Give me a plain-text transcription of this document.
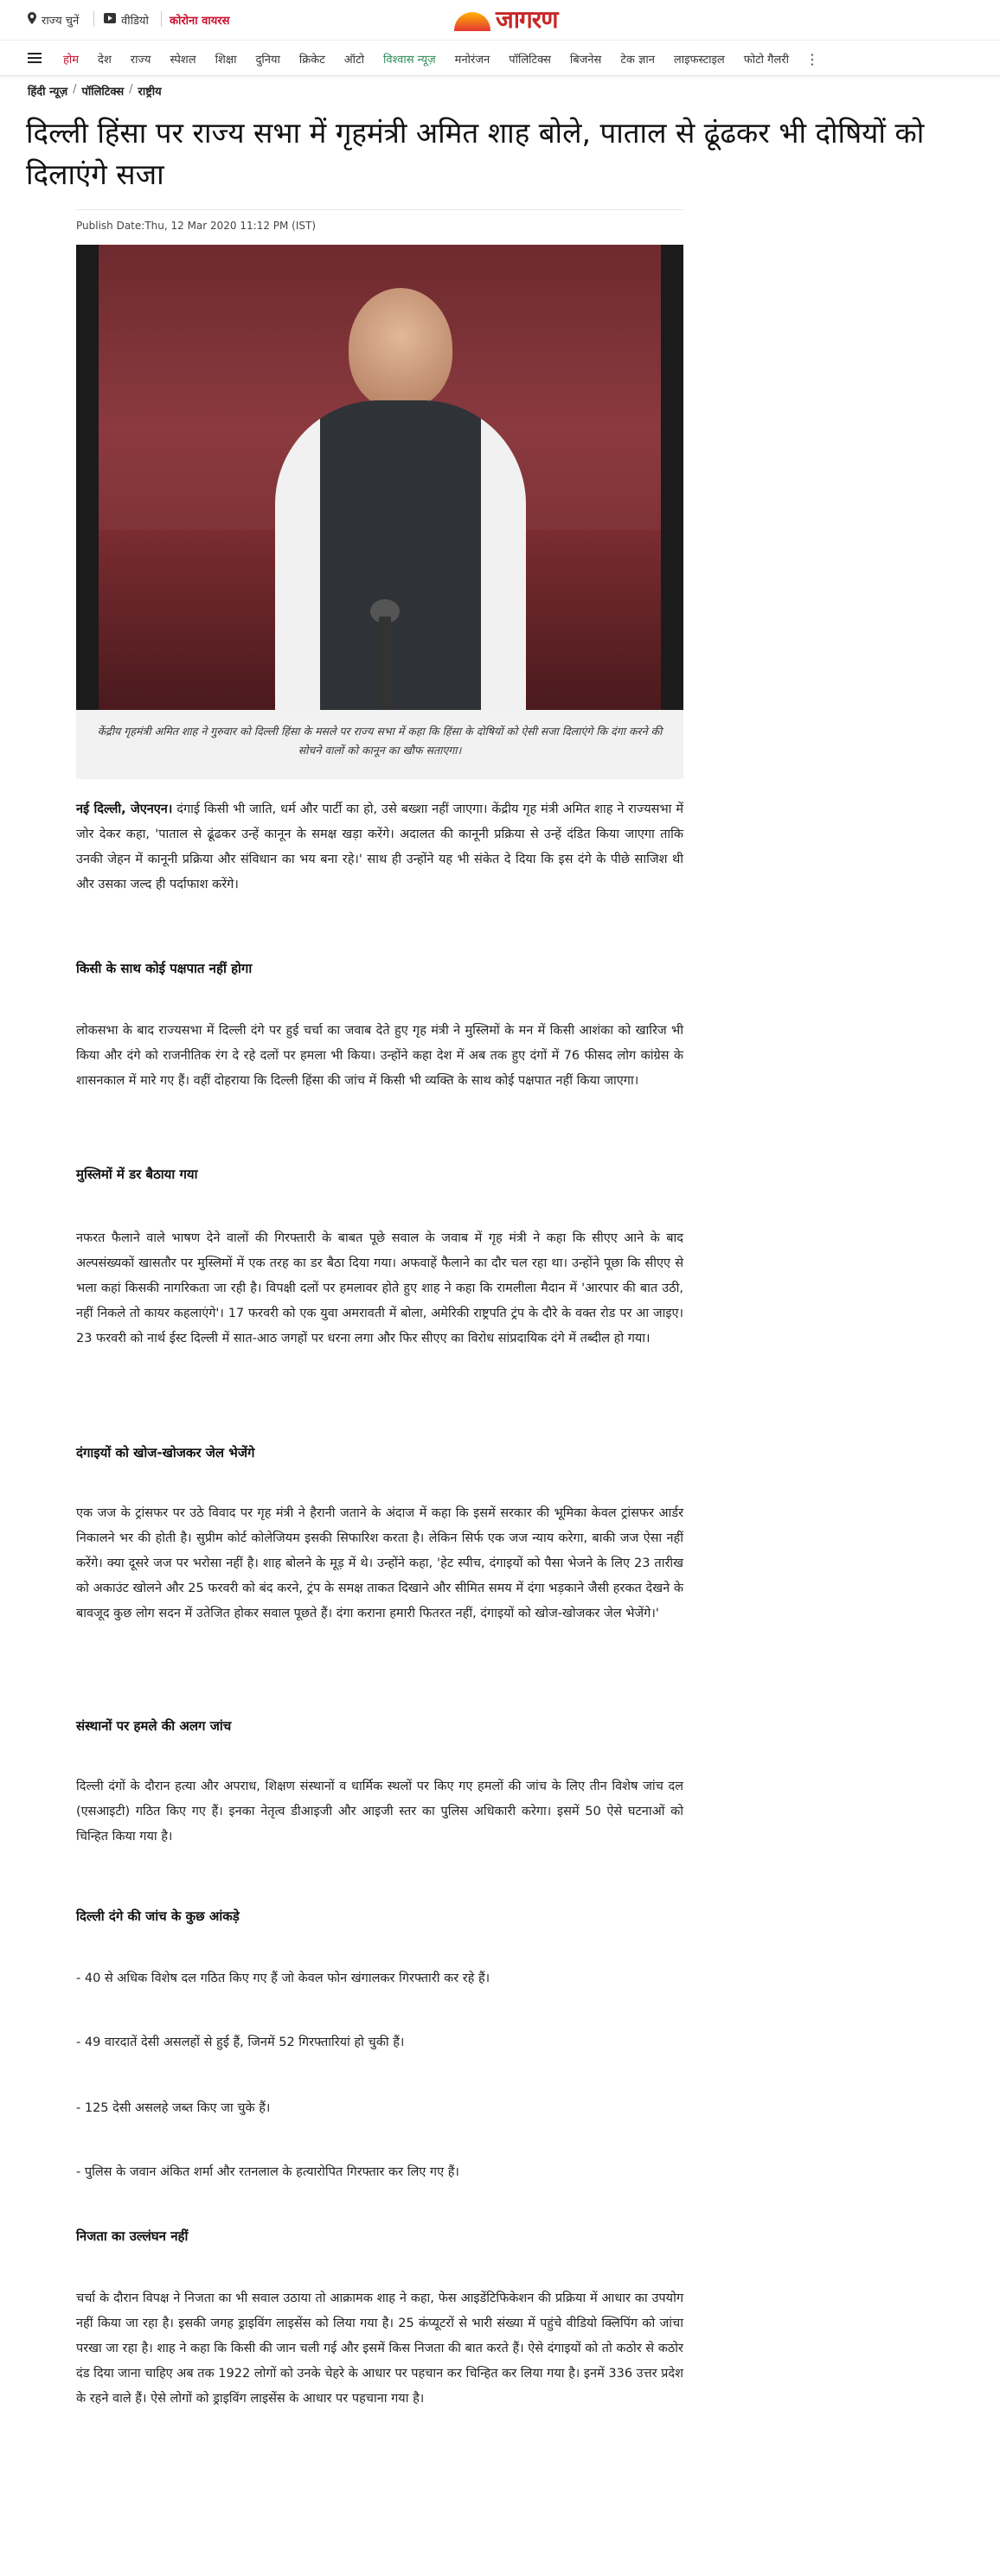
राज्य चुनें	वीडियो कोरोना वायरस	जागरण
होम	देश	राज्य	स्पेशल	शिक्षा	दुनिया	क्रिकेट	ऑटो	विश्वास न्यूज़	मनोरंजन	पॉलिटिक्स	बिजनेस	टेक ज्ञान	लाइफस्टाइल	फोटो गैलरी	⋮
हिंदी न्यूज़ / पॉलिटिक्स / राष्ट्रीय
दिल्ली हिंसा पर राज्य सभा में गृहमंत्री अमित शाह बोले, पाताल से ढूंढकर भी दोषियों को दिलाएंगे सजा
Publish Date:Thu, 12 Mar 2020 11:12 PM (IST)
केंद्रीय गृहमंत्री अमित शाह ने गुरुवार को दिल्ली हिंसा के मसले पर राज्य सभा में कहा कि हिंसा के दोषियों को ऐसी सजा दिलाएंगे कि दंगा करने की सोचने वालों को कानून का खौफ सताएगा।

नई दिल्ली, जेएनएन। दंगाई किसी भी जाति, धर्म और पार्टी का हो, उसे बख्शा नहीं जाएगा। केंद्रीय गृह मंत्री अमित शाह ने राज्यसभा में जोर देकर कहा, 'पाताल से ढूंढकर उन्हें कानून के समक्ष खड़ा करेंगे। अदालत की कानूनी प्रक्रिया से उन्हें दंडित किया जाएगा ताकि उनकी जेहन में कानूनी प्रक्रिया और संविधान का भय बना रहे।' साथ ही उन्होंने यह भी संकेत दे दिया कि इस दंगे के पीछे साजिश थी और उसका जल्द ही पर्दाफाश करेंगे।

किसी के साथ कोई पक्षपात नहीं होगा

लोकसभा के बाद राज्यसभा में दिल्ली दंगे पर हुई चर्चा का जवाब देते हुए गृह मंत्री ने मुस्लिमों के मन में किसी आशंका को खारिज भी किया और दंगे को राजनीतिक रंग दे रहे दलों पर हमला भी किया। उन्होंने कहा देश में अब तक हुए दंगों में 76 फीसद लोग कांग्रेस के शासनकाल में मारे गए हैं। वहीं दोहराया कि दिल्ली हिंसा की जांच में किसी भी व्यक्ति के साथ कोई पक्षपात नहीं किया जाएगा।

मुस्लिमों में डर बैठाया गया

नफरत फैलाने वाले भाषण देने वालों की गिरफ्तारी के बाबत पूछे सवाल के जवाब में गृह मंत्री ने कहा कि सीएए आने के बाद अल्पसंख्यकों खासतौर पर मुस्लिमों में एक तरह का डर बैठा दिया गया। अफवाहें फैलाने का दौर चल रहा था। उन्होंने पूछा कि सीएए से भला कहां किसकी नागरिकता जा रही है। विपक्षी दलों पर हमलावर होते हुए शाह ने कहा कि रामलीला मैदान में 'आरपार की बात उठी, नहीं निकले तो कायर कहलाएंगे'। 17 फरवरी को एक युवा अमरावती में बोला, अमेरिकी राष्ट्रपति ट्रंप के दौरे के वक्त रोड पर आ जाइए। 23 फरवरी को नार्थ ईस्ट दिल्ली में सात-आठ जगहों पर धरना लगा और फिर सीएए का विरोध सांप्रदायिक दंगे में तब्दील हो गया।

दंगाइयों को खोज-खोजकर जेल भेजेंगे

एक जज के ट्रांसफर पर उठे विवाद पर गृह मंत्री ने हैरानी जताने के अंदाज में कहा कि इसमें सरकार की भूमिका केवल ट्रांसफर आर्डर निकालने भर की होती है। सुप्रीम कोर्ट कोलेजियम इसकी सिफारिश करता है। लेकिन सिर्फ एक जज न्याय करेगा, बाकी जज ऐसा नहीं करेंगे। क्या दूसरे जज पर भरोसा नहीं है। शाह बोलने के मूड़ में थे। उन्होंने कहा, 'हेट स्पीच, दंगाइयों को पैसा भेजने के लिए 23 तारीख को अकाउंट खोलने और 25 फरवरी को बंद करने, ट्रंप के समक्ष ताकत दिखाने और सीमित समय में दंगा भड़काने जैसी हरकत देखने के बावजूद कुछ लोग सदन में उतेजित होकर सवाल पूछते हैं। दंगा कराना हमारी फितरत नहीं, दंगाइयों को खोज-खोजकर जेल भेजेंगे।'

संस्थानों पर हमले की अलग जांच

दिल्ली दंगों के दौरान हत्या और अपराध, शिक्षण संस्थानों व धार्मिक स्थलों पर किए गए हमलों की जांच के लिए तीन विशेष जांच दल (एसआइटी) गठित किए गए हैं। इनका नेतृत्व डीआइजी और आइजी स्तर का पुलिस अधिकारी करेगा। इसमें 50 ऐसे घटनाओं को चिन्हित किया गया है।

दिल्ली दंगे की जांच के कुछ आंकड़े

- 40 से अधिक विशेष दल गठित किए गए हैं जो केवल फोन खंगालकर गिरफ्तारी कर रहे हैं।

- 49 वारदातें देसी असलहों से हुई हैं, जिनमें 52 गिरफ्तारियां हो चुकी हैं।

- 125 देसी असलहे जब्त किए जा चुके हैं।

- पुलिस के जवान अंकित शर्मा और रतनलाल के हत्यारोपित गिरफ्तार कर लिए गए हैं।

निजता का उल्लंघन नहीं

चर्चा के दौरान विपक्ष ने निजता का भी सवाल उठाया तो आक्रामक शाह ने कहा, फेस आइडेंटिफिकेशन की प्रक्रिया में आधार का उपयोग नहीं किया जा रहा है। इसकी जगह ड्राइविंग लाइसेंस को लिया गया है। 25 कंप्यूटरों से भारी संख्या में पहुंचे वीडियो क्लिपिंग को जांचा परखा जा रहा है। शाह ने कहा कि किसी की जान चली गई और इसमें किस निजता की बात करते हैं। ऐसे दंगाइयों को तो कठोर से कठोर दंड दिया जाना चाहिए अब तक 1922 लोगों को उनके चेहरे के आधार पर पहचान कर चिन्हित कर लिया गया है। इनमें 336 उत्तर प्रदेश के रहने वाले हैं। ऐसे लोगों को ड्राइविंग लाइसेंस के आधार पर पहचाना गया है।
